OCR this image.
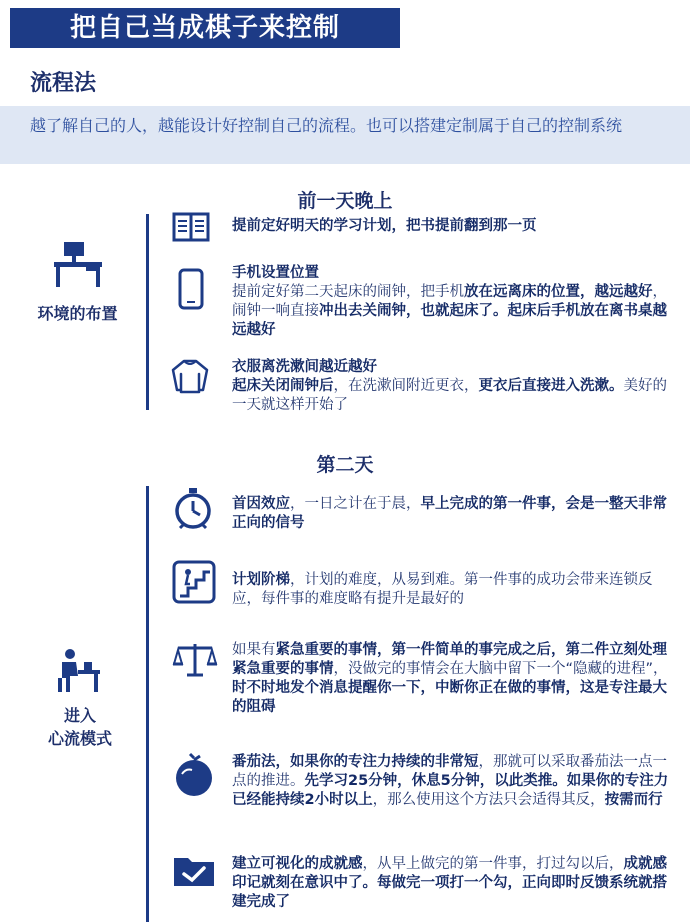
把自己当成棋子来控制
流程法
越了解自己的人，越能设计好控制自己的流程。也可以搭建定制属于自己的控制系统
前一天晚上
环境的布置
提前定好明天的学习计划，把书提前翻到那一页
手机设置位置
提前定好第二天起床的闹钟，把手机放在远离床的位置，越远越好，闹钟一响直接冲出去关闹钟，也就起床了。起床后手机放在离书桌越远越好
衣服离洗漱间越近越好
起床关闭闹钟后，在洗漱间附近更衣，更衣后直接进入洗漱。美好的一天就这样开始了
第二天
进入
心流模式
首因效应，一日之计在于晨，早上完成的第一件事，会是一整天非常正向的信号
计划阶梯，计划的难度，从易到难。第一件事的成功会带来连锁反应，每件事的难度略有提升是最好的
如果有紧急重要的事情，第一件简单的事完成之后，第二件立刻处理紧急重要的事情，没做完的事情会在大脑中留下一个“隐藏的进程”，时不时地发个消息提醒你一下，中断你正在做的事情，这是专注最大的阻碍
番茄法，如果你的专注力持续的非常短，那就可以采取番茄法一点一点的推进。先学习25分钟，休息5分钟，以此类推。如果你的专注力已经能持续2小时以上，那么使用这个方法只会适得其反，按需而行
建立可视化的成就感，从早上做完的第一件事，打过勾以后，成就感印记就刻在意识中了。每做完一项打一个勾，正向即时反馈系统就搭建完成了
